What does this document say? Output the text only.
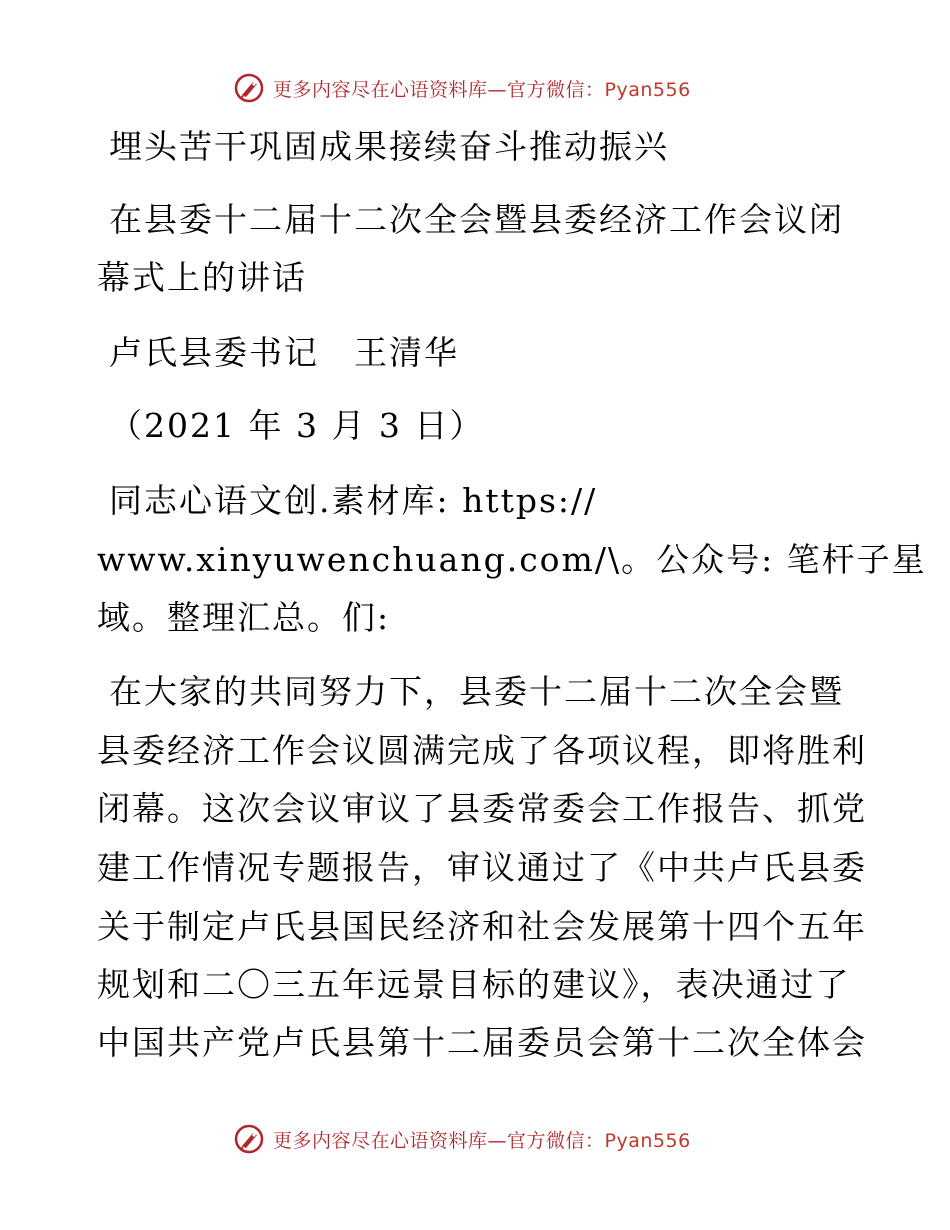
更多内容尽在心语资料库—官方微信：Pyan556
埋头苦干巩固成果接续奋斗推动振兴
在县委十二届十二次全会暨县委经济工作会议闭
幕式上的讲话
卢氏县委书记　王清华
（2021 年 3 月 3 日）
同志心语文创.素材库: https://
www.xinyuwenchuang.com/\。公众号: 笔杆子星
域。整理汇总。们:
在大家的共同努力下，县委十二届十二次全会暨
县委经济工作会议圆满完成了各项议程，即将胜利
闭幕。这次会议审议了县委常委会工作报告、抓党
建工作情况专题报告，审议通过了《中共卢氏县委
关于制定卢氏县国民经济和社会发展第十四个五年
规划和二〇三五年远景目标的建议》，表决通过了
中国共产党卢氏县第十二届委员会第十二次全体会
更多内容尽在心语资料库—官方微信：Pyan556
